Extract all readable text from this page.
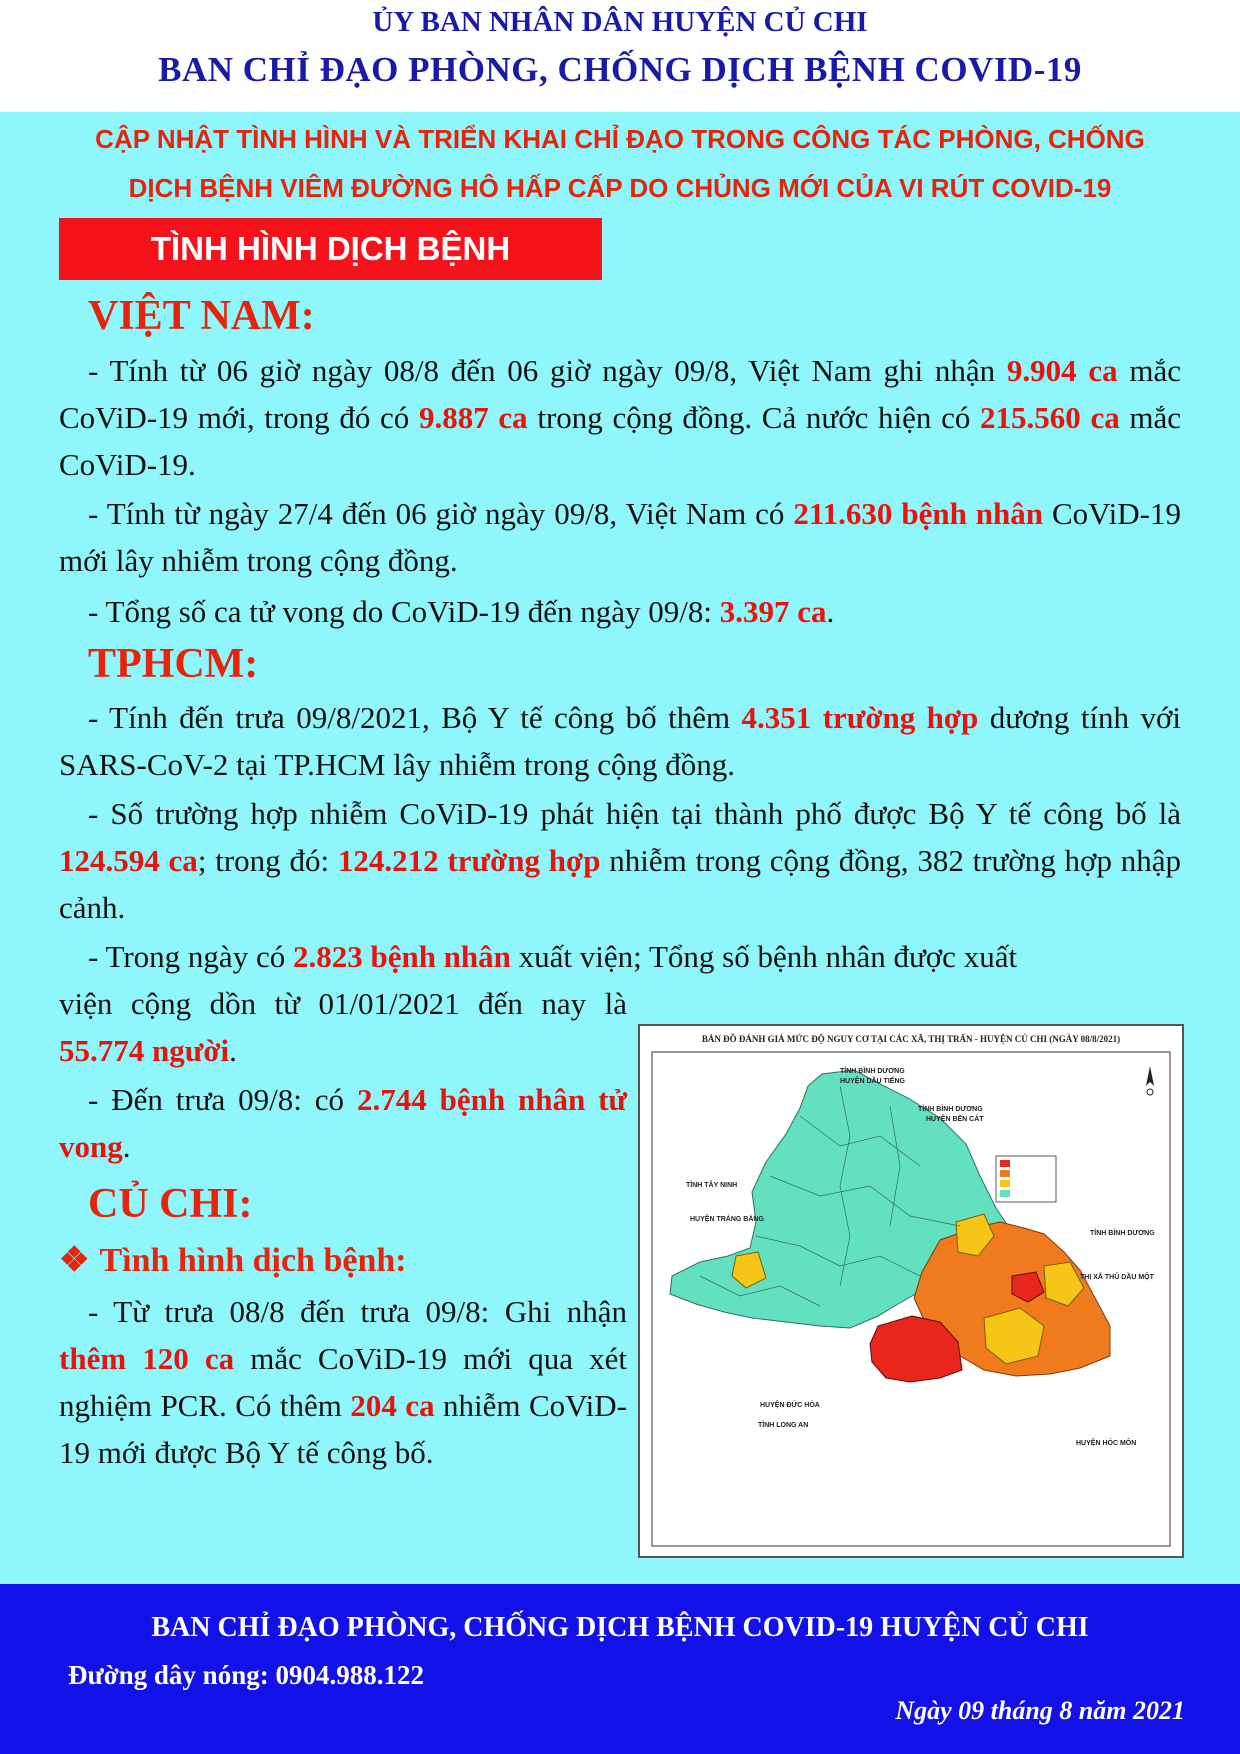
ỦY BAN NHÂN DÂN HUYỆN CỦ CHI
BAN CHỈ ĐẠO PHÒNG, CHỐNG DỊCH BỆNH COVID-19
CẬP NHẬT TÌNH HÌNH VÀ TRIỂN KHAI CHỈ ĐẠO TRONG CÔNG TÁC PHÒNG, CHỐNG
DỊCH BỆNH VIÊM ĐƯỜNG HÔ HẤP CẤP DO CHỦNG MỚI CỦA VI RÚT COVID-19
TÌNH HÌNH DỊCH BỆNH
VIỆT NAM:
- Tính từ 06 giờ ngày 08/8 đến 06 giờ ngày 09/8, Việt Nam ghi nhận 9.904 ca mắc CoViD-19 mới, trong đó có 9.887 ca trong cộng đồng. Cả nước hiện có 215.560 ca mắc CoViD-19.
- Tính từ ngày 27/4 đến 06 giờ ngày 09/8, Việt Nam có 211.630 bệnh nhân CoViD-19 mới lây nhiễm trong cộng đồng.
- Tổng số ca tử vong do CoViD-19 đến ngày 09/8: 3.397 ca.
TPHCM:
- Tính đến trưa 09/8/2021, Bộ Y tế công bố thêm 4.351 trường hợp dương tính với SARS-CoV-2 tại TP.HCM lây nhiễm trong cộng đồng.
- Số trường hợp nhiễm CoViD-19 phát hiện tại thành phố được Bộ Y tế công bố là 124.594 ca; trong đó: 124.212 trường hợp nhiễm trong cộng đồng, 382 trường hợp nhập cảnh.
- Trong ngày có 2.823 bệnh nhân xuất viện; Tổng số bệnh nhân được xuất
viện cộng dồn từ 01/01/2021 đến nay là 55.774 người.
- Đến trưa 09/8: có 2.744 bệnh nhân tử vong.
CỦ CHI:
❖ Tình hình dịch bệnh:
- Từ trưa 08/8 đến trưa 09/8: Ghi nhận thêm 120 ca mắc CoViD-19 mới qua xét nghiệm PCR. Có thêm 204 ca nhiễm CoViD-19 mới được Bộ Y tế công bố.
BẢN ĐỒ ĐÁNH GIÁ MỨC ĐỘ NGUY CƠ TẠI CÁC XÃ, THỊ TRẤN - HUYỆN CỦ CHI (NGÀY 08/8/2021)
TỈNH BÌNH DƯƠNG
HUYỆN DẦU TIẾNG
TỈNH BÌNH DƯƠNG
HUYỆN BẾN CÁT
TỈNH TÂY NINH
HUYỆN TRẢNG BÀNG
TỈNH BÌNH DƯƠNG
THỊ XÃ THỦ DẦU MỘT
HUYỆN ĐỨC HÒA
TỈNH LONG AN
HUYỆN HÓC MÔN
BAN CHỈ ĐẠO PHÒNG, CHỐNG DỊCH BỆNH COVID-19 HUYỆN CỦ CHI
Đường dây nóng: 0904.988.122
Ngày 09 tháng 8 năm 2021
